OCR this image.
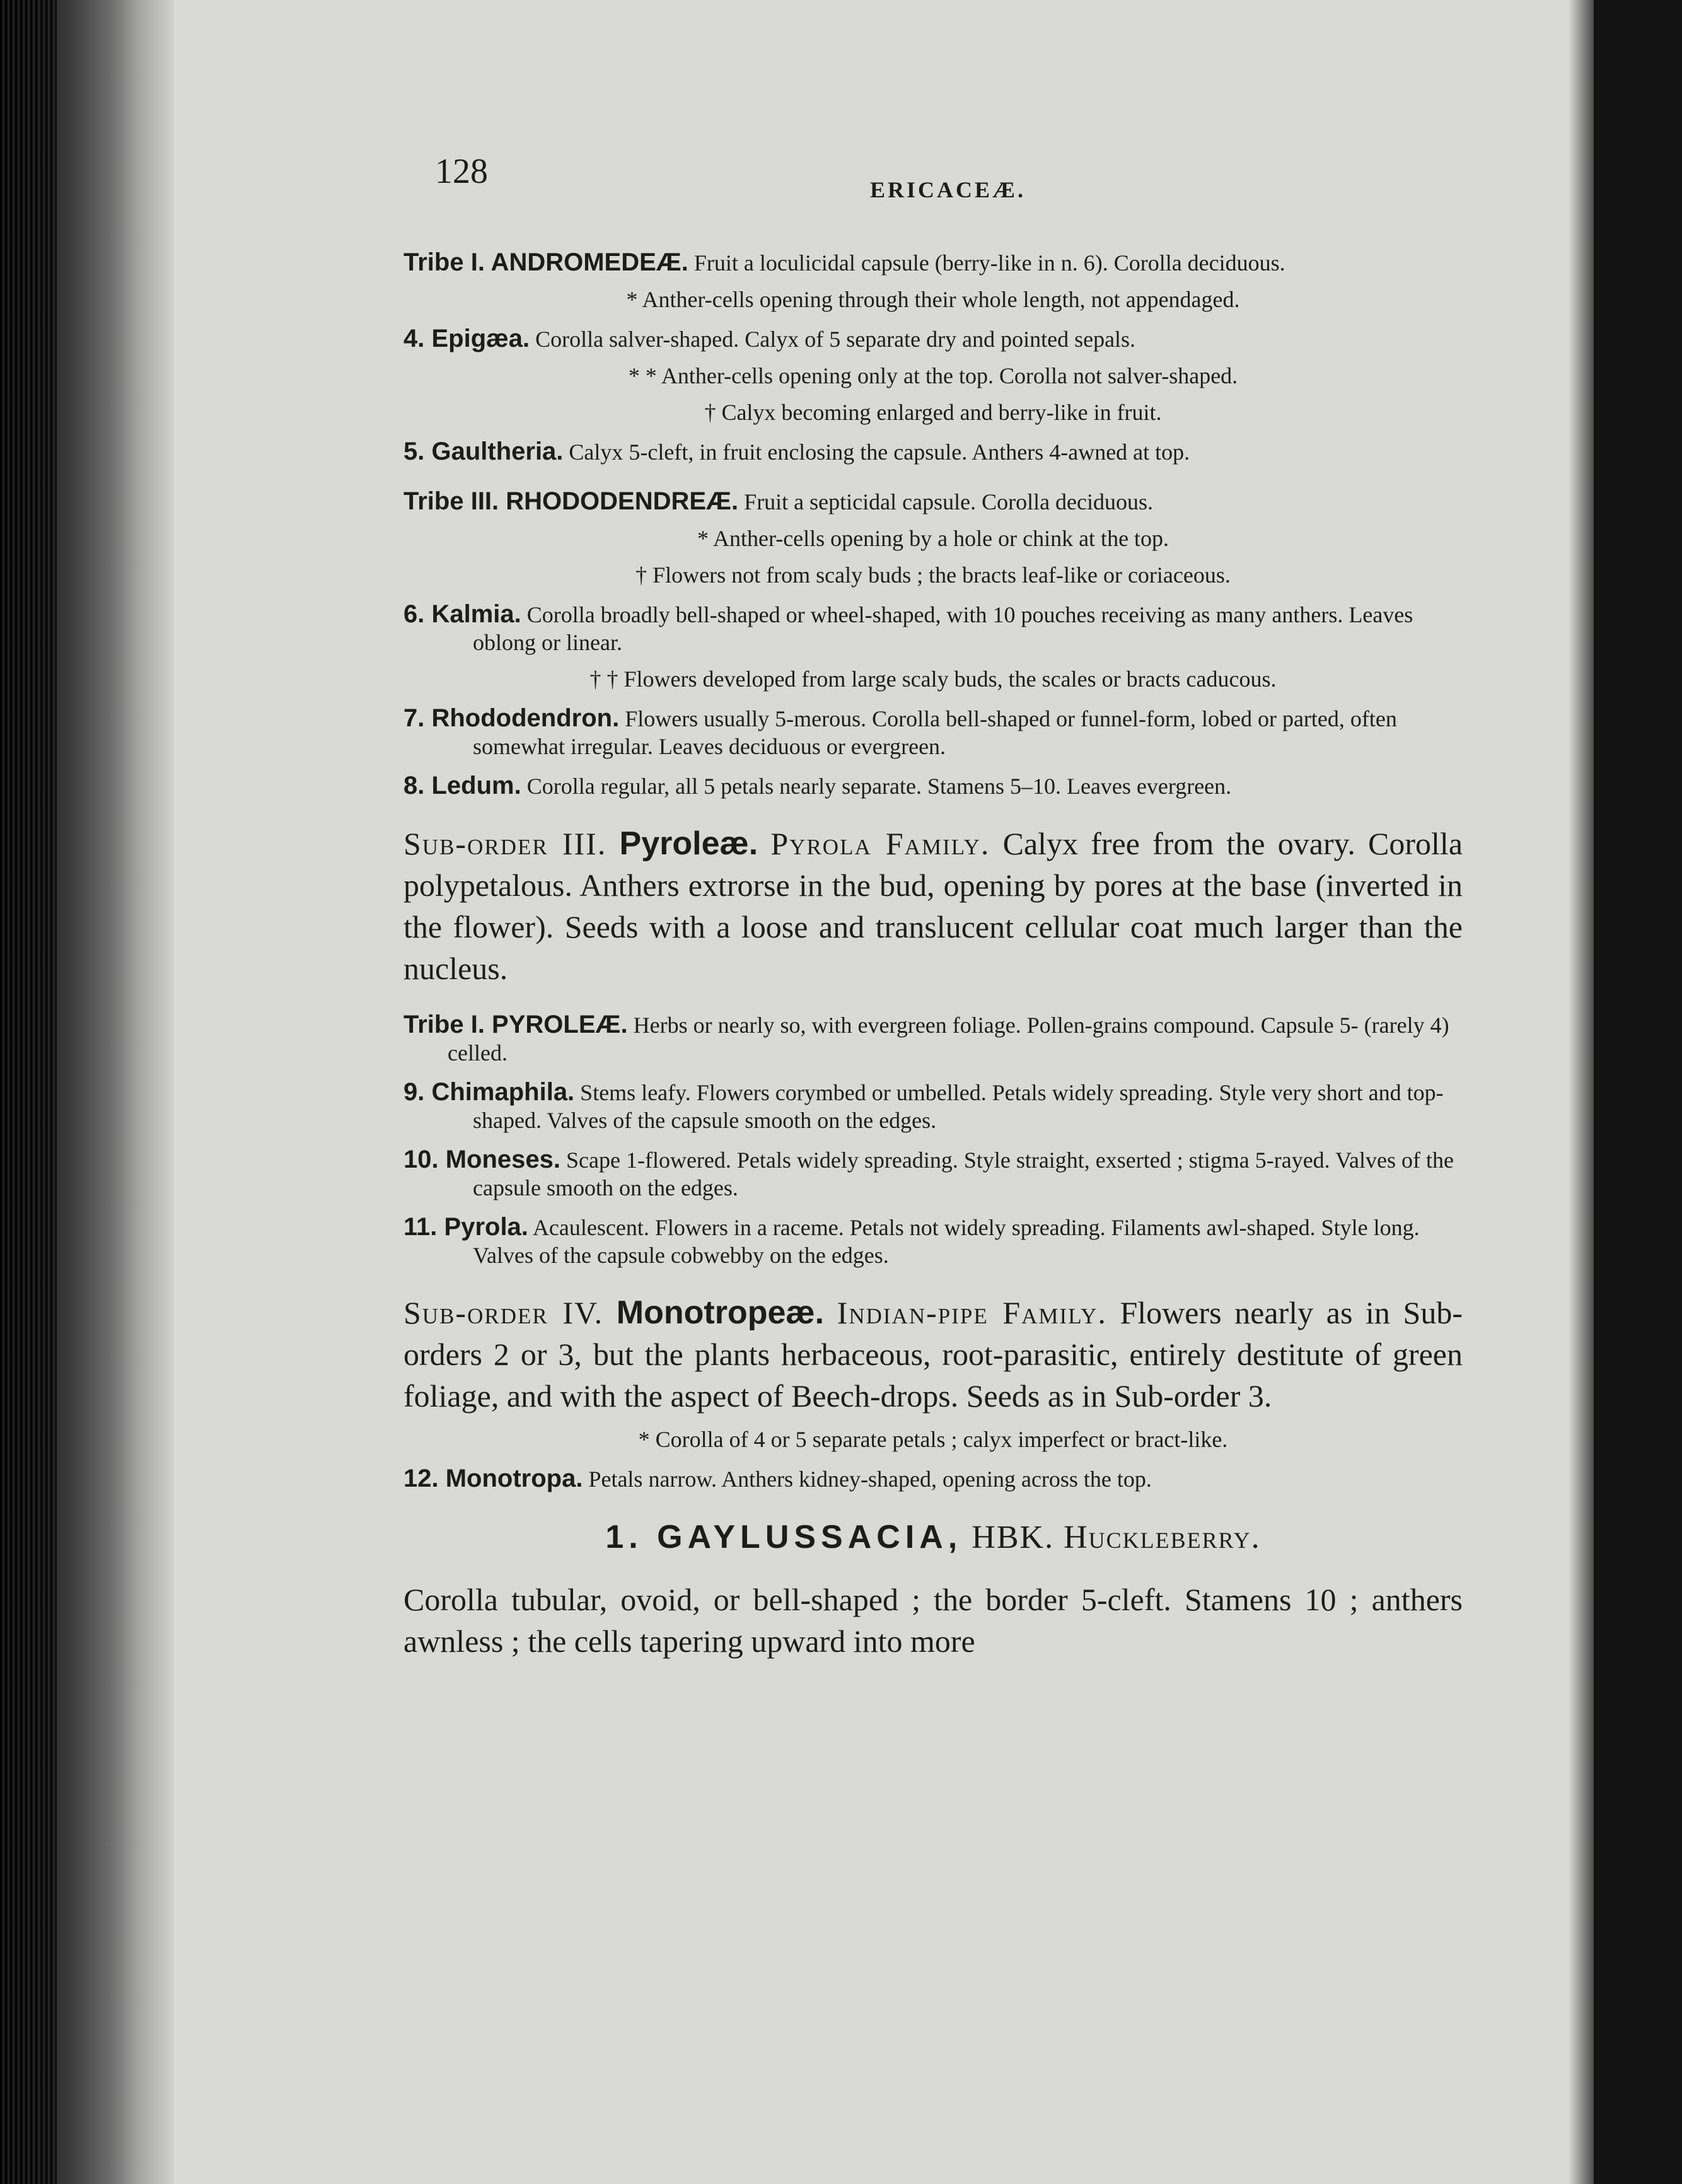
128	ERICACEÆ.

Tribe I. ANDROMEDEÆ. Fruit a loculicidal capsule (berry-like in n. 6). Corolla deciduous.

* Anther-cells opening through their whole length, not appendaged.

4. Epigæa. Corolla salver-shaped. Calyx of 5 separate dry and pointed sepals.

* * Anther-cells opening only at the top. Corolla not salver-shaped.

† Calyx becoming enlarged and berry-like in fruit.

5. Gaultheria. Calyx 5-cleft, in fruit enclosing the capsule. Anthers 4-awned at top.

Tribe III. RHODODENDREÆ. Fruit a septicidal capsule. Corolla deciduous.

* Anther-cells opening by a hole or chink at the top.

† Flowers not from scaly buds ; the bracts leaf-like or coriaceous.

6. Kalmia. Corolla broadly bell-shaped or wheel-shaped, with 10 pouches receiving as many anthers. Leaves oblong or linear.

† † Flowers developed from large scaly buds, the scales or bracts caducous.

7. Rhododendron. Flowers usually 5-merous. Corolla bell-shaped or funnel-form, lobed or parted, often somewhat irregular. Leaves deciduous or evergreen.

8. Ledum. Corolla regular, all 5 petals nearly separate. Stamens 5–10. Leaves evergreen.

Sub-order III. Pyroleæ. Pyrola Family. Calyx free from the ovary. Corolla polypetalous. Anthers extrorse in the bud, opening by pores at the base (inverted in the flower). Seeds with a loose and translucent cellular coat much larger than the nucleus.

Tribe I. PYROLEÆ. Herbs or nearly so, with evergreen foliage. Pollen-grains compound. Capsule 5- (rarely 4) celled.

9. Chimaphila. Stems leafy. Flowers corymbed or umbelled. Petals widely spreading. Style very short and top-shaped. Valves of the capsule smooth on the edges.

10. Moneses. Scape 1-flowered. Petals widely spreading. Style straight, exserted ; stigma 5-rayed. Valves of the capsule smooth on the edges.

11. Pyrola. Acaulescent. Flowers in a raceme. Petals not widely spreading. Filaments awl-shaped. Style long. Valves of the capsule cobwebby on the edges.

Sub-order IV. Monotropeæ. Indian-pipe Family. Flowers nearly as in Sub-orders 2 or 3, but the plants herbaceous, root-parasitic, entirely destitute of green foliage, and with the aspect of Beech-drops. Seeds as in Sub-order 3.

* Corolla of 4 or 5 separate petals ; calyx imperfect or bract-like.

12. Monotropa. Petals narrow. Anthers kidney-shaped, opening across the top.

1. GAYLUSSACIA, HBK. Huckleberry.

Corolla tubular, ovoid, or bell-shaped ; the border 5-cleft. Stamens 10 ; anthers awnless ; the cells tapering upward into more
